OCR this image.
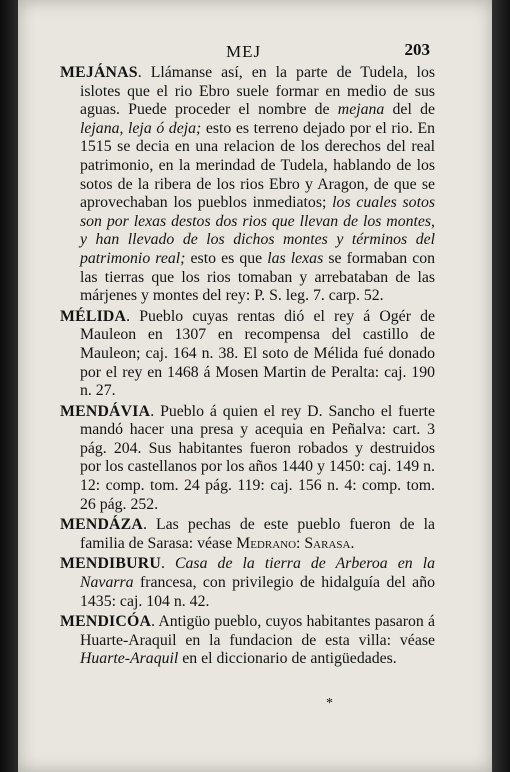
MEJ	203

MEJÁNAS. Llámanse así, en la parte de Tudela, los islotes que el rio Ebro suele formar en medio de sus aguas. Puede proceder el nombre de mejana del de lejana, leja ó deja; esto es terreno dejado por el rio. En 1515 se decia en una relacion de los derechos del real patrimonio, en la merindad de Tudela, hablando de los sotos de la ribera de los rios Ebro y Aragon, de que se aprovechaban los pueblos inmediatos; los cuales sotos son por lexas destos dos rios que llevan de los montes, y han llevado de los dichos montes y términos del patrimonio real; esto es que las lexas se formaban con las tierras que los rios tomaban y arrebataban de las márjenes y montes del rey: P. S. leg. 7. carp. 52.

MÉLIDA. Pueblo cuyas rentas dió el rey á Ogér de Mauleon en 1307 en recompensa del castillo de Mauleon; caj. 164 n. 38. El soto de Mélida fué donado por el rey en 1468 á Mosen Martin de Peralta: caj. 190 n. 27.

MENDÁVIA. Pueblo á quien el rey D. Sancho el fuerte mandó hacer una presa y acequia en Peñalva: cart. 3 pág. 204. Sus habitantes fueron robados y destruidos por los castellanos por los años 1440 y 1450: caj. 149 n. 12: comp. tom. 24 pág. 119: caj. 156 n. 4: comp. tom. 26 pág. 252.

MENDÁZA. Las pechas de este pueblo fueron de la familia de Sarasa: véase Medrano: Sarasa.

MENDIBURU. Casa de la tierra de Arberoa en la Navarra francesa, con privilegio de hidalguía del año 1435: caj. 104 n. 42.

MENDICÓA. Antigüo pueblo, cuyos habitantes pasaron á Huarte-Araquil en la fundacion de esta villa: véase Huarte-Araquil en el diccionario de antigüedades.

*
